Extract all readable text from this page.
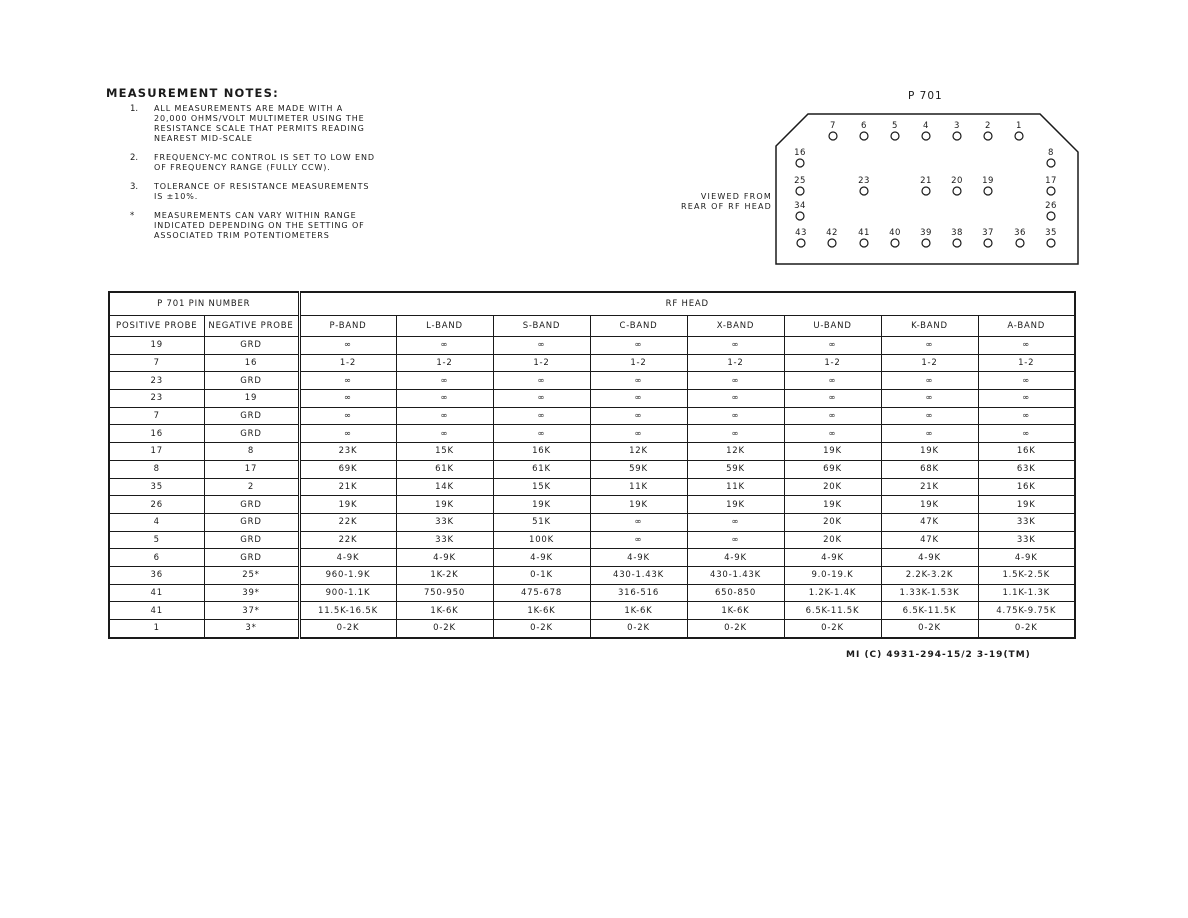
MEASUREMENT NOTES:
1. ALL MEASUREMENTS ARE MADE WITH A
20,000 OHMS/VOLT MULTIMETER USING THE
RESISTANCE SCALE THAT PERMITS READING
NEAREST MID-SCALE
2. FREQUENCY-MC CONTROL IS SET TO LOW END
OF FREQUENCY RANGE (FULLY CCW).
3. TOLERANCE OF RESISTANCE MEASUREMENTS
IS ±10%.
* MEASUREMENTS CAN VARY WITHIN RANGE
INDICATED DEPENDING ON THE SETTING OF
ASSOCIATED TRIM POTENTIOMETERS
P 701
VIEWED FROM
REAR OF RF HEAD
7	6	5	4	3	2	1
16
25
34
8
17
26
23	21 20 19
43 42 41 40 39 38 37 36 35
P 701 PIN NUMBER		RF HEAD							
POSITIVE PROBE	NEGATIVE PROBE	P-BAND	L-BAND	S-BAND	C-BAND	X-BAND	U-BAND	K-BAND	A-BAND
19	GRD	∞	∞	∞	∞	∞	∞	∞	∞
7	16	1-2	1-2	1-2	1-2	1-2	1-2	1-2	1-2
23	GRD	∞	∞	∞	∞	∞	∞	∞	∞
23	19	∞	∞	∞	∞	∞	∞	∞	∞
7	GRD	∞	∞	∞	∞	∞	∞	∞	∞
16	GRD	∞	∞	∞	∞	∞	∞	∞	∞
17	8	23K	15K	16K	12K	12K	19K	19K	16K
8	17	69K	61K	61K	59K	59K	69K	68K	63K
35	2	21K	14K	15K	11K	11K	20K	21K	16K
26	GRD	19K	19K	19K	19K	19K	19K	19K	19K
4	GRD	22K	33K	51K	∞	∞	20K	47K	33K
5	GRD	22K	33K	100K	∞	∞	20K	47K	33K
6	GRD	4-9K	4-9K	4-9K	4-9K	4-9K	4-9K	4-9K	4-9K
36	25*	960-1.9K	1K-2K	0-1K	430-1.43K	430-1.43K	9.0-19.K	2.2K-3.2K	1.5K-2.5K
41	39*	900-1.1K	750-950	475-678	316-516	650-850	1.2K-1.4K	1.33K-1.53K	1.1K-1.3K
41	37*	11.5K-16.5K	1K-6K	1K-6K	1K-6K	1K-6K	6.5K-11.5K	6.5K-11.5K	4.75K-9.75K
1	3*	0-2K	0-2K	0-2K	0-2K	0-2K	0-2K	0-2K	0-2K
MI (C) 4931-294-15/2 3-19(TM)
